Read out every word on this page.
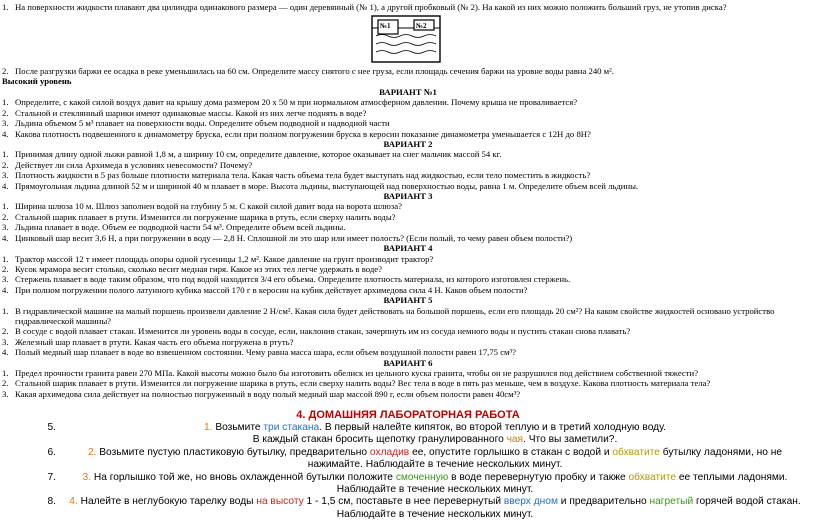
1. На поверхности жидкости плавают два цилиндра одинакового размера — один деревянный (№ 1), а другой пробковый (№ 2). На какой из них можно положить больший груз, не утопив диска?
№1	№2
2. После разгрузки баржи ее осадка в реке уменьшилась на 60 см. Определите массу снятого с нее груза, если площадь сечения баржи на уровне воды равна 240 м².
Высокий уровень
ВАРИАНТ №1
1. Определите, с какой силой воздух давит на крышу дома размером 20 х 50 м при нормальном атмосферном давлении. Почему крыша не проваливается?
2. Стальной и стеклянный шарики имеют одинаковые массы. Какой из них легче поднять в воде?
3. Льдина объемом 5 м³ плавает на поверхности воды. Определите объем подводной и надводной части
4. Какова плотность подвешенного к динамометру бруска, если при полном погружении бруска в керосин показание динамометра уменьшается с 12Н до 8Н?
ВАРИАНТ 2
1. Принимая длину одной лыжи равной 1,8 м, а ширину 10 см, определите давление, которое оказывает на снег мальчик массой 54 кг.
2. Действует ли сила Архимеда в условиях невесомости? Почему?
3. Плотность жидкости в 5 раз больше плотности материала тела. Какая часть объема тела будет выступать над жидкостью, если тело поместить в жидкость?
4. Прямоугольная льдина длиной 52 м и шириной 40 м плавает в море. Высота льдины, выступающей над поверхностью воды, равна 1 м. Определите объем всей льдины.
ВАРИАНТ 3
1. Ширина шлюза 10 м. Шлюз заполнен водой на глубину 5 м. С какой силой давит вода на ворота шлюза?
2. Стальной шарик плавает в ртути. Изменится ли погружение шарика в ртуть, если сверху налить воды?
3. Льдина плавает в воде. Объем ее подводной части 54 м³. Определите объем всей льдины.
4. Цинковый шар весит 3,6 Н, а при погружении в воду — 2,8 Н. Сплошной ли это шар или имеет полость? (Если полый, то чему равен объем полости?)
ВАРИАНТ 4
1. Трактор массой 12 т имеет площадь опоры одной гусеницы 1,2 м². Какое давление на грунт производит трактор?
2. Кусок мрамора весит столько, сколько весит медная гиря. Какое из этих тел легче удержать в воде?
3. Стержень плавает в воде таким образом, что под водой находится 3/4 его объема. Определите плотность материала, из которого изготовлен стержень.
4. При полном погружении полого латунного кубика массой 170 г в керосин на кубик действует архимедова сила 4 Н. Каков объем полости?
ВАРИАНТ 5
1. В гидравлической машине на малый поршень произвели давление 2 Н/см². Какая сила будет действовать на большой поршень, если его площадь 20 см²? На каком свойстве жидкостей основано устройство гидравлической машины?
2. В сосуде с водой плавает стакан. Изменится ли уровень воды в сосуде, если, наклонив стакан, зачерпнуть им из сосуда немного воды и пустить стакан снова плавать?
3. Железный шар плавает в ртути. Какая часть его объема погружена в ртуть?
4. Полый медный шар плавает в воде во взвешенном состоянии. Чему равна масса шара, если объем воздушной полости равен 17,75 см³?
ВАРИАНТ 6
1. Предел прочности гранита равен 270 МПа. Какой высоты можно было бы изготовить обелиск из цельного куска гранита, чтобы он не разрушился под действием собственной тяжести?
2. Стальной шарик плавает в ртути. Изменится ли погружение шарика в ртуть, если сверху налить воды? Вес тела в воде в пять раз меньше, чем в воздухе. Какова плотность материала тела?
3. Какая архимедова сила действует на полностью погруженный в воду полый медный шар массой 890 г, если объем полости равен 40см³?
4. ДОМАШНЯЯ ЛАБОРАТОРНАЯ РАБОТА
5.	1. Возьмите три стакана. В первый налейте кипяток, во второй теплую и в третий холодную воду.
В каждый стакан бросить щепотку гранулированного чая. Что вы заметили?.
6.	2. Возьмите пустую пластиковую бутылку, предварительно охладив ее, опустите горлышко в стакан с водой и обхватите бутылку ладонями, но не нажимайте. Наблюдайте в течение нескольких минут.
7.	3. На горлышко той же, но вновь охлажденной бутылки положите смоченную в воде перевернутую пробку и также обхватите ее теплыми ладонями. Наблюдайте в течение нескольких минут.
8.	4. Налейте в неглубокую тарелку воды на высоту 1 - 1,5 см, поставьте в нее перевернутый вверх дном и предварительно нагретый горячей водой стакан. Наблюдайте в течение нескольких минут.
